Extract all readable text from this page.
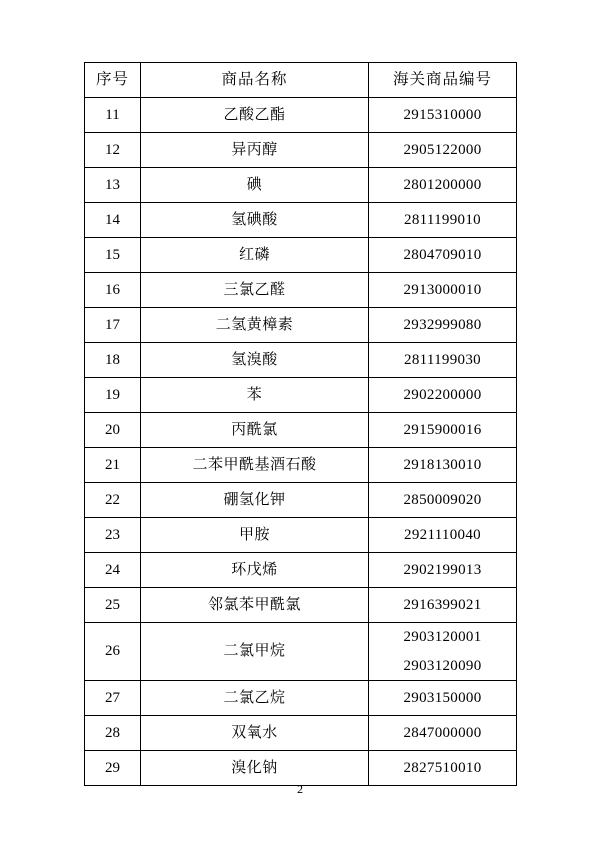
序号	商品名称	海关商品编号
11	乙酸乙酯	2915310000
12	异丙醇	2905122000
13	碘	2801200000
14	氢碘酸	2811199010
15	红磷	2804709010
16	三氯乙醛	2913000010
17	二氢黄樟素	2932999080
18	氢溴酸	2811199030
19	苯	2902200000
20	丙酰氯	2915900016
21	二苯甲酰基酒石酸	2918130010
22	硼氢化钾	2850009020
23	甲胺	2921110040
24	环戊烯	2902199013
25	邻氯苯甲酰氯	2916399021
26	二氯甲烷	2903120001
2903120090

27	二氯乙烷	2903150000
28	双氧水	2847000000
29	溴化钠	2827510010
2
